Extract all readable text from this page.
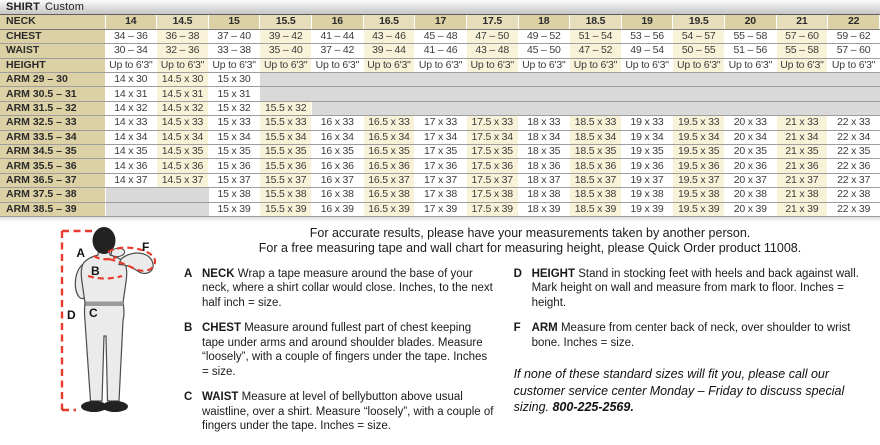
SHIRT Custom
NECK	14	14.5	15	15.5	16	16.5	17	17.5	18	18.5	19	19.5	20	21	22
CHEST	34 – 36	36 – 38	37 – 40	39 – 42	41 – 44	43 – 46	45 – 48	47 – 50	49 – 52	51 – 54	53 – 56	54 – 57	55 – 58	57 – 60	59 – 62
WAIST	30 – 34	32 – 36	33 – 38	35 – 40	37 – 42	39 – 44	41 – 46	43 – 48	45 – 50	47 – 52	49 – 54	50 – 55	51 – 56	55 – 58	57 – 60
HEIGHT	Up to 6'3"	Up to 6'3"	Up to 6'3"	Up to 6'3"	Up to 6'3"	Up to 6'3"	Up to 6'3"	Up to 6'3"	Up to 6'3"	Up to 6'3"	Up to 6'3"	Up to 6'3"	Up to 6'3"	Up to 6'3"	Up to 6'3"
ARM 29 – 30	14 x 30	14.5 x 30	15 x 30												
ARM 30.5 – 31	14 x 31	14.5 x 31	15 x 31												
ARM 31.5 – 32	14 x 32	14.5 x 32	15 x 32	15.5 x 32											
ARM 32.5 – 33	14 x 33	14.5 x 33	15 x 33	15.5 x 33	16 x 33	16.5 x 33	17 x 33	17.5 x 33	18 x 33	18.5 x 33	19 x 33	19.5 x 33	20 x 33	21 x 33	22 x 33
ARM 33.5 – 34	14 x 34	14.5 x 34	15 x 34	15.5 x 34	16 x 34	16.5 x 34	17 x 34	17.5 x 34	18 x 34	18.5 x 34	19 x 34	19.5 x 34	20 x 34	21 x 34	22 x 34
ARM 34.5 – 35	14 x 35	14.5 x 35	15 x 35	15.5 x 35	16 x 35	16.5 x 35	17 x 35	17.5 x 35	18 x 35	18.5 x 35	19 x 35	19.5 x 35	20 x 35	21 x 35	22 x 35
ARM 35.5 – 36	14 x 36	14.5 x 36	15 x 36	15.5 x 36	16 x 36	16.5 x 36	17 x 36	17.5 x 36	18 x 36	18.5 x 36	19 x 36	19.5 x 36	20 x 36	21 x 36	22 x 36
ARM 36.5 – 37	14 x 37	14.5 x 37	15 x 37	15.5 x 37	16 x 37	16.5 x 37	17 x 37	17.5 x 37	18 x 37	18.5 x 37	19 x 37	19.5 x 37	20 x 37	21 x 37	22 x 37
ARM 37.5 – 38			15 x 38	15.5 x 38	16 x 38	16.5 x 38	17 x 38	17.5 x 38	18 x 38	18.5 x 38	19 x 38	19.5 x 38	20 x 38	21 x 38	22 x 38
ARM 38.5 – 39			15 x 39	15.5 x 39	16 x 39	16.5 x 39	17 x 39	17.5 x 39	18 x 39	18.5 x 39	19 x 39	19.5 x 39	20 x 39	21 x 39	22 x 39
A
B
C
D
F
For accurate results, please have your measurements taken by another person.
For a free measuring tape and wall chart for measuring height, please Quick Order product 11008.
A NECK Wrap a tape measure around the base of your neck, where a shirt collar would close. Inches, to the next half inch = size.
B CHEST Measure around fullest part of chest keeping tape under arms and around shoulder blades. Measure “loosely”, with a couple of fingers under the tape. Inches = size.
C WAIST Measure at level of bellybutton above usual waistline, over a shirt. Measure “loosely”, with a couple of fingers under the tape. Inches = size.
D HEIGHT Stand in stocking feet with heels and back against wall. Mark height on wall and measure from mark to floor. Inches = height.
F ARM Measure from center back of neck, over shoulder to wrist bone. Inches = size.
If none of these standard sizes will fit you, please call our customer service center Monday – Friday to discuss special sizing. 800-225-2569.
